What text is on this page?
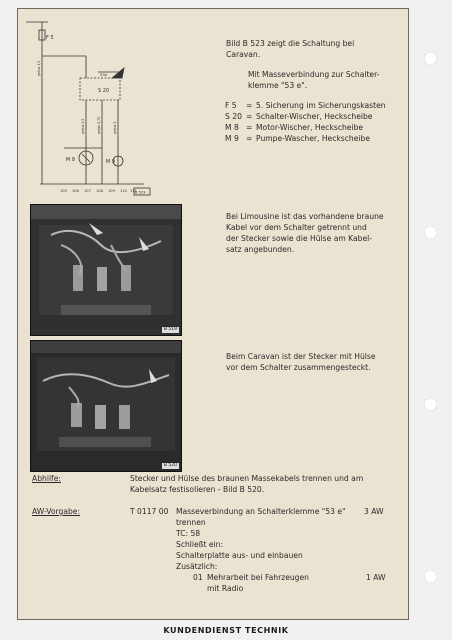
F 5
S 20
53e
M 8	M 9
ge/sw 1,5
ge/sw 1,5	gn/ge 0,75	ge/sw 1
105 106 107 108 109 110 111
B 523
Bild B 523 zeigt die Schaltung bei
Caravan.
Mit Masseverbindung zur Schalter-
klemme "53 e".
F 5 = 5. Sicherung im Sicherungskasten
S 20 = Schalter-Wischer, Heckscheibe
M 8 = Motor-Wischer, Heckscheibe
M 9 = Pumpe-Wascher, Heckscheibe
B 519
Bei Limousine ist das vorhandene braune
Kabel vor dem Schalter getrennt und
der Stecker sowie die Hülse am Kabel-
satz angebunden.
B 520
Beim Caravan ist der Stecker mit Hülse
vor dem Schalter zusammengesteckt.
Abhilfe:	Stecker und Hülse des braunen Massekabels trennen und am
Kabelsatz festisolieren - Bild B 520.
AW-Vorgabe:	T 0117 00 Masseverbindung an Schalterklemme "53 e" 3 AW
trennen
TC: 58
Schließt ein:
Schalterplatte aus- und einbauen
Zusätzlich:
01 Mehrarbeit bei Fahrzeugen	1 AW
mit Radio
KUNDENDIENST TECHNIK
